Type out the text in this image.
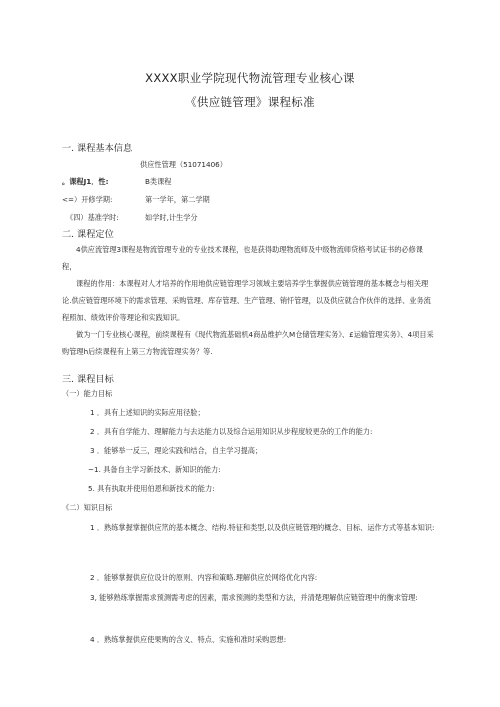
XXXX职业学院现代物流管理专业核心课
《供应链管理》课程标准
一. 课程基本信息
供应性管理（51071406）
。课程J1．性:	B类课程
<=）开修学期:	第一学年，第二学期
《四）基准学时:	如学时,计生学分
二. 课程定位
4供应流管理3课程是物流管理专业的专业技术课程，也是获得助理物流师及中级物流师贷格考试证书的必修课程，
课程的作用：本课程对人才培养的作用地供应链管理学习领域主要培养学生掌握供应链管理的基本概念与相关理论.供应链管理环境下的需求管理、采购管理、库存管理、生产管理、销忏管理，以及供应就合作伙伴的选择、业务流程照加、绩效评价等理论和实践知识。
做为一门专业核心课程，前续课程有《现代物流基础机4商品维护久M仓储管理实务》、£运输管理实务》、4项目采购管理h后续课程有上第三方物流管理实务？等.
三. 课程目标
（一）能力目标
1 ．具有上述知识的实际应用径脸；
2 ．具有自学能力、理解能力与去达能力以及综合运用知识从步程度较更杂的工作的能力:
3 ．能够举一反三，理论实践和结合，自主学习提高；
~1. 具备自主学习新技术、新知识的能力:
5. 具有执取并使用伯恩和新技术的能力:
《二）知识目标
1 ．熟练掌握掌握供应笊的基本概念、结构.特征和类型,以及供应链管理的概念、目标、运作方式等基本知识:
2 ．能够掌握供应位设计的原则、内容和策略.理解供应於网络优化内容:
3, 能够熟练掌握需求预测需考虑的因素，需求预测的类型和方法，并清楚理解供应链管理中的衡求管理:
4 ．熟练掌握供应使果购的含义、特点、实施和准时采购思想:
